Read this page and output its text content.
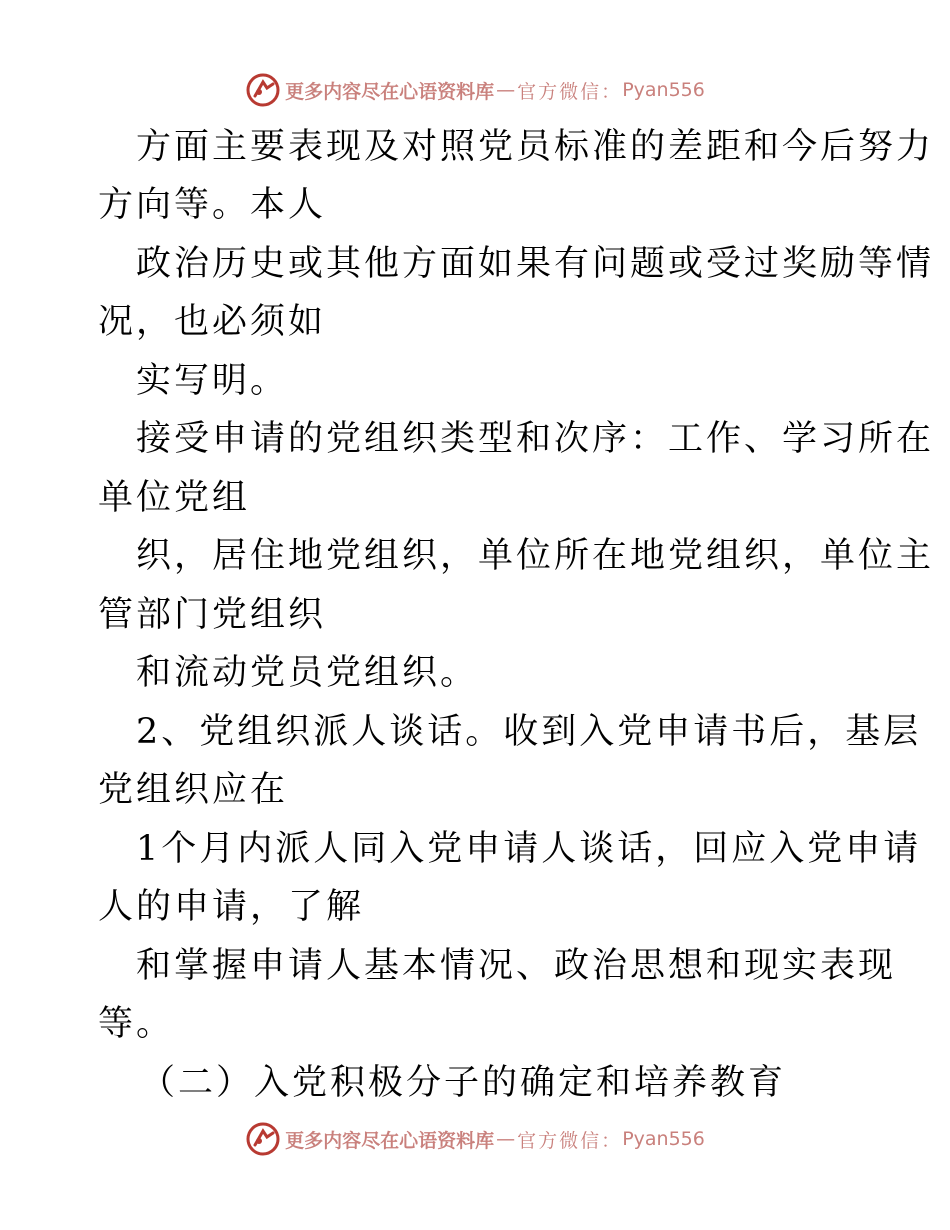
更多内容尽在心语资料库 — 官方微信： Pyan556
方面主要表现及对照党员标准的差距和今后努力
方向等。本人
政治历史或其他方面如果有问题或受过奖励等情
况，也必须如
实写明。
接受申请的党组织类型和次序：工作、学习所在
单位党组
织，居住地党组织，单位所在地党组织，单位主
管部门党组织
和流动党员党组织。
2、党组织派人谈话。收到入党申请书后，基层
党组织应在
1个月内派人同入党申请人谈话，回应入党申请
人的申请，了解
和掌握申请人基本情况、政治思想和现实表现
等。
（二）入党积极分子的确定和培养教育
更多内容尽在心语资料库 — 官方微信： Pyan556
